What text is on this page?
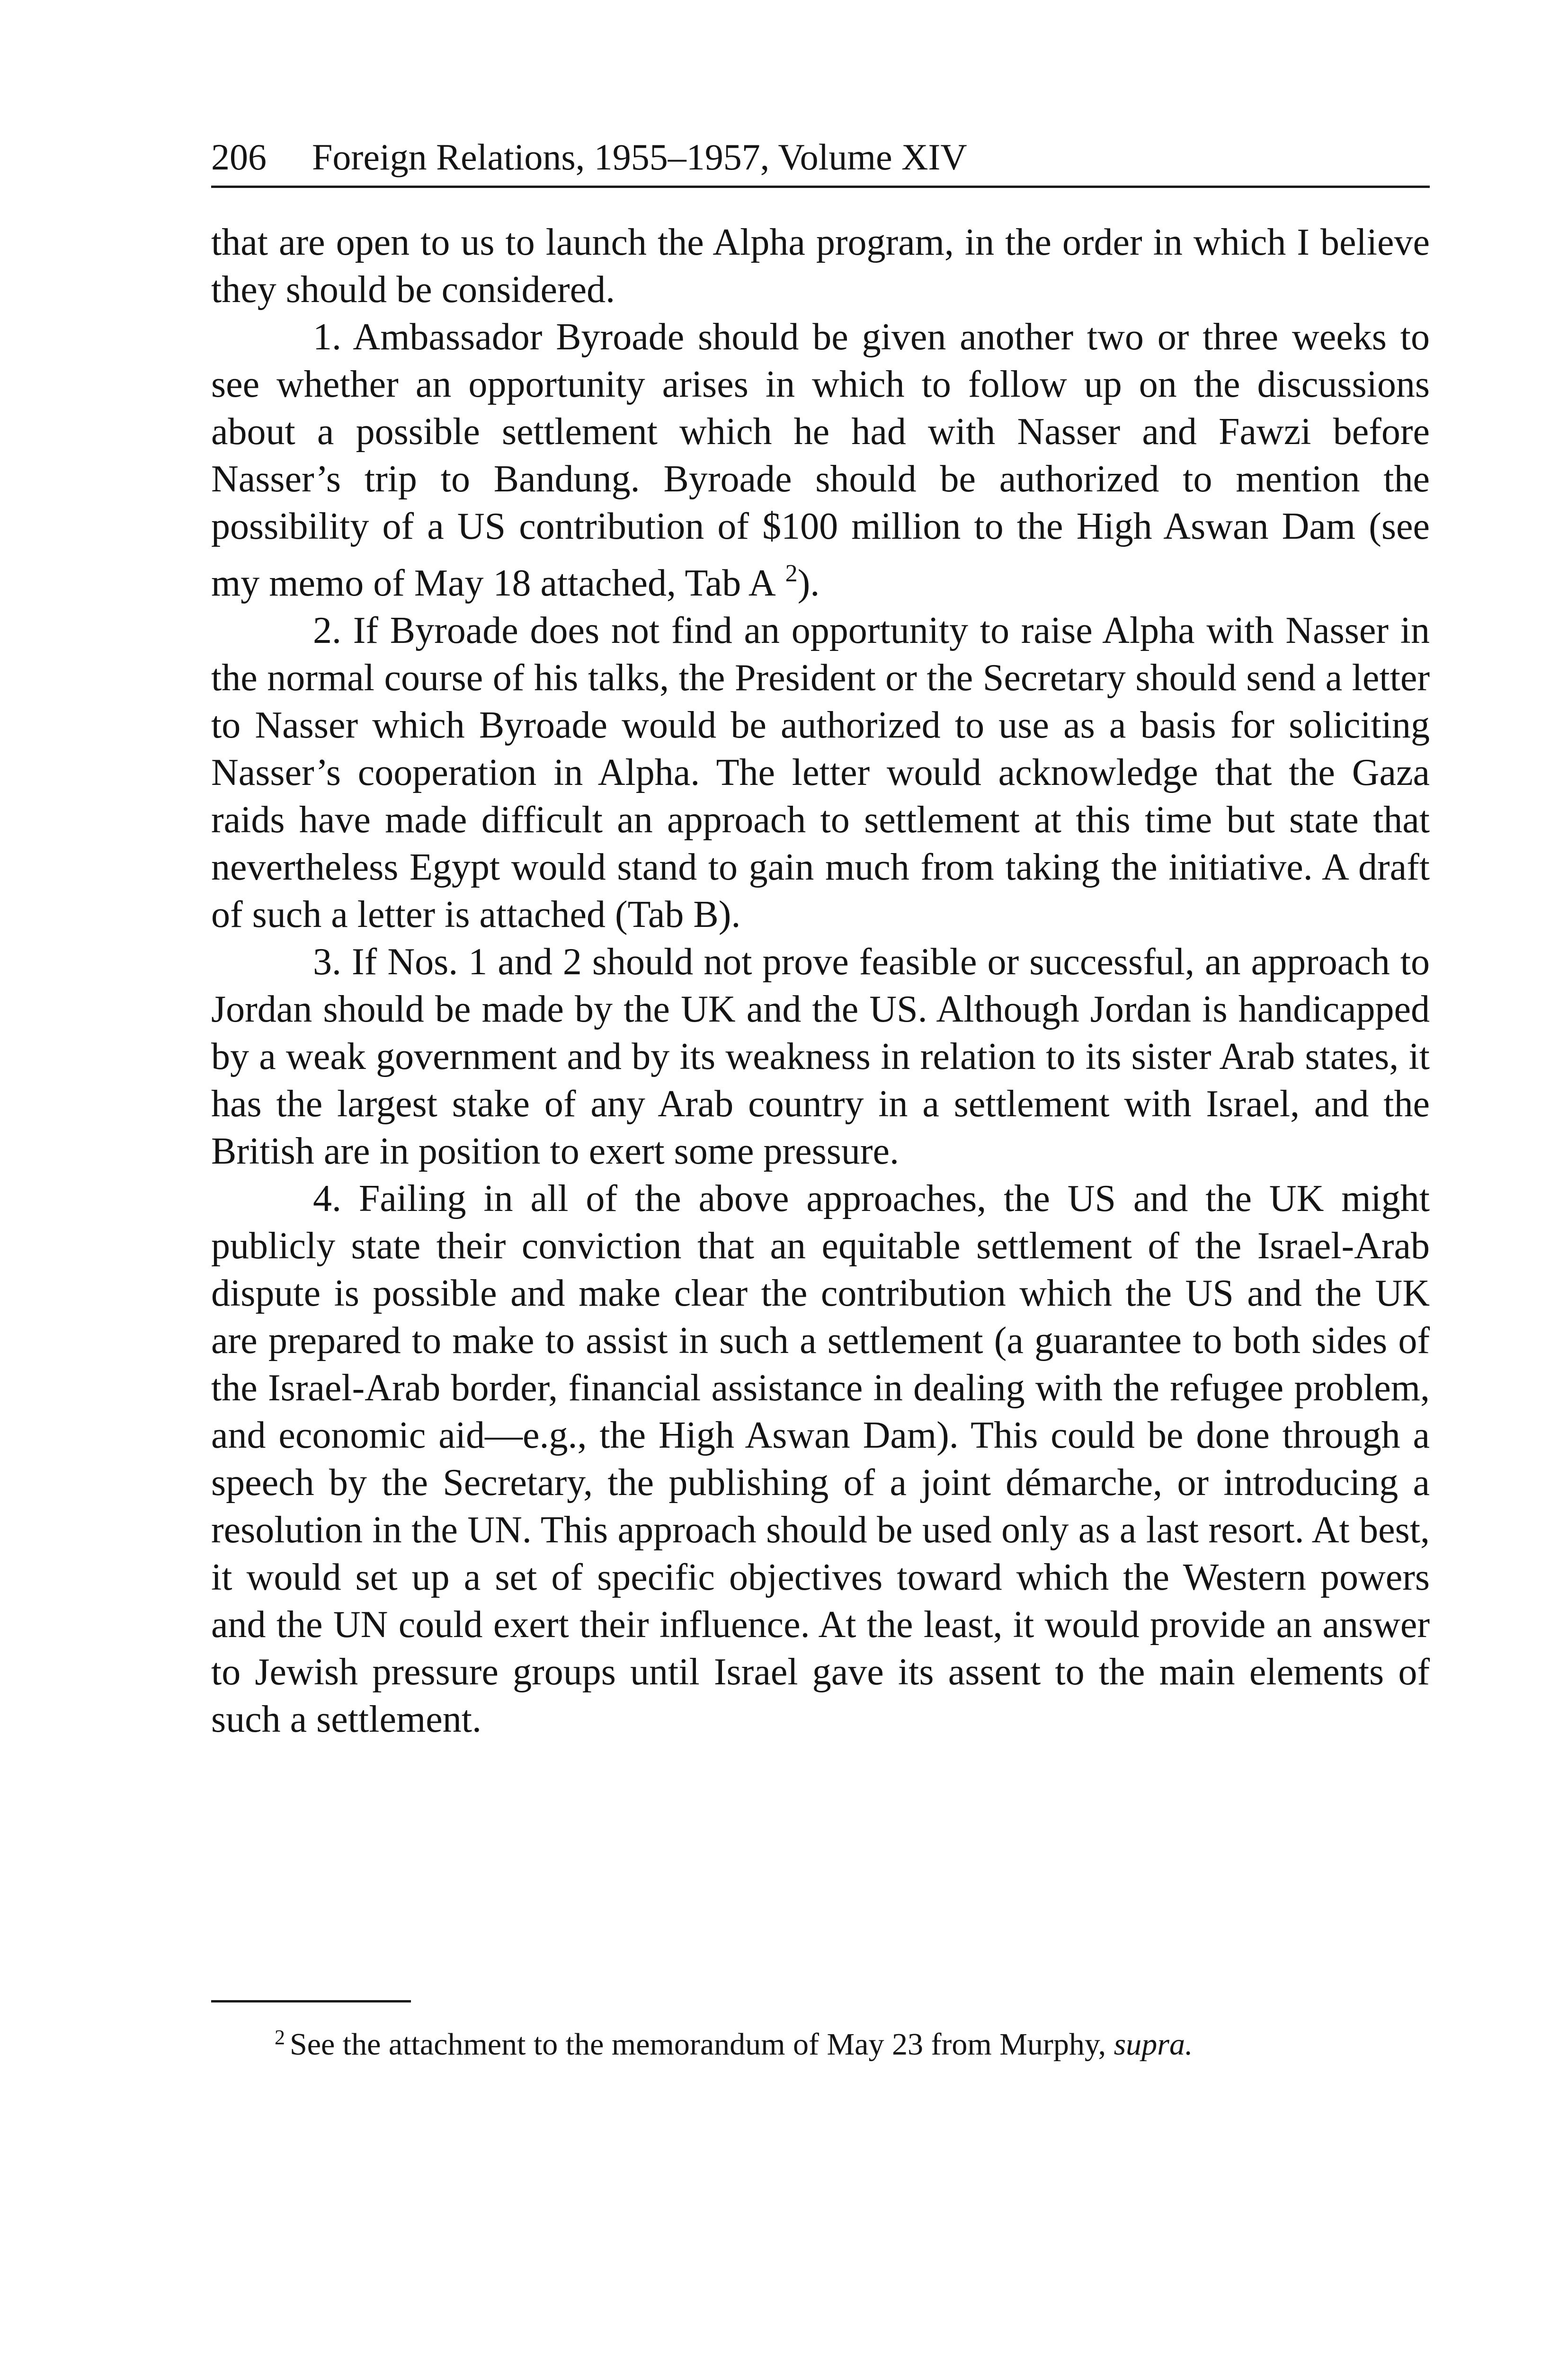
206 Foreign Relations, 1955–1957, Volume XIV

that are open to us to launch the Alpha program, in the order in which I believe they should be considered.

1. Ambassador Byroade should be given another two or three weeks to see whether an opportunity arises in which to follow up on the discussions about a possible settlement which he had with Nasser and Fawzi before Nasser’s trip to Bandung. Byroade should be authorized to mention the possibility of a US contribution of $100 million to the High Aswan Dam (see my memo of May 18 attached, Tab A $^2$).

2. If Byroade does not find an opportunity to raise Alpha with Nasser in the normal course of his talks, the President or the Secretary should send a letter to Nasser which Byroade would be authorized to use as a basis for soliciting Nasser’s cooperation in Alpha. The letter would acknowledge that the Gaza raids have made difficult an approach to settlement at this time but state that nevertheless Egypt would stand to gain much from taking the initiative. A draft of such a letter is attached (Tab B).

3. If Nos. 1 and 2 should not prove feasible or successful, an approach to Jordan should be made by the UK and the US. Although Jordan is handicapped by a weak government and by its weakness in relation to its sister Arab states, it has the largest stake of any Arab country in a settlement with Israel, and the British are in position to exert some pressure.

4. Failing in all of the above approaches, the US and the UK might publicly state their conviction that an equitable settlement of the Israel-Arab dispute is possible and make clear the contribution which the US and the UK are prepared to make to assist in such a settlement (a guarantee to both sides of the Israel-Arab border, financial assistance in dealing with the refugee problem, and economic aid—e.g., the High Aswan Dam). This could be done through a speech by the Secretary, the publishing of a joint démarche, or introducing a resolution in the UN. This approach should be used only as a last resort. At best, it would set up a set of specific objectives toward which the Western powers and the UN could exert their influence. At the least, it would provide an answer to Jewish pressure groups until Israel gave its assent to the main elements of such a settlement.

$^2$ See the attachment to the memorandum of May 23 from Murphy, supra.
